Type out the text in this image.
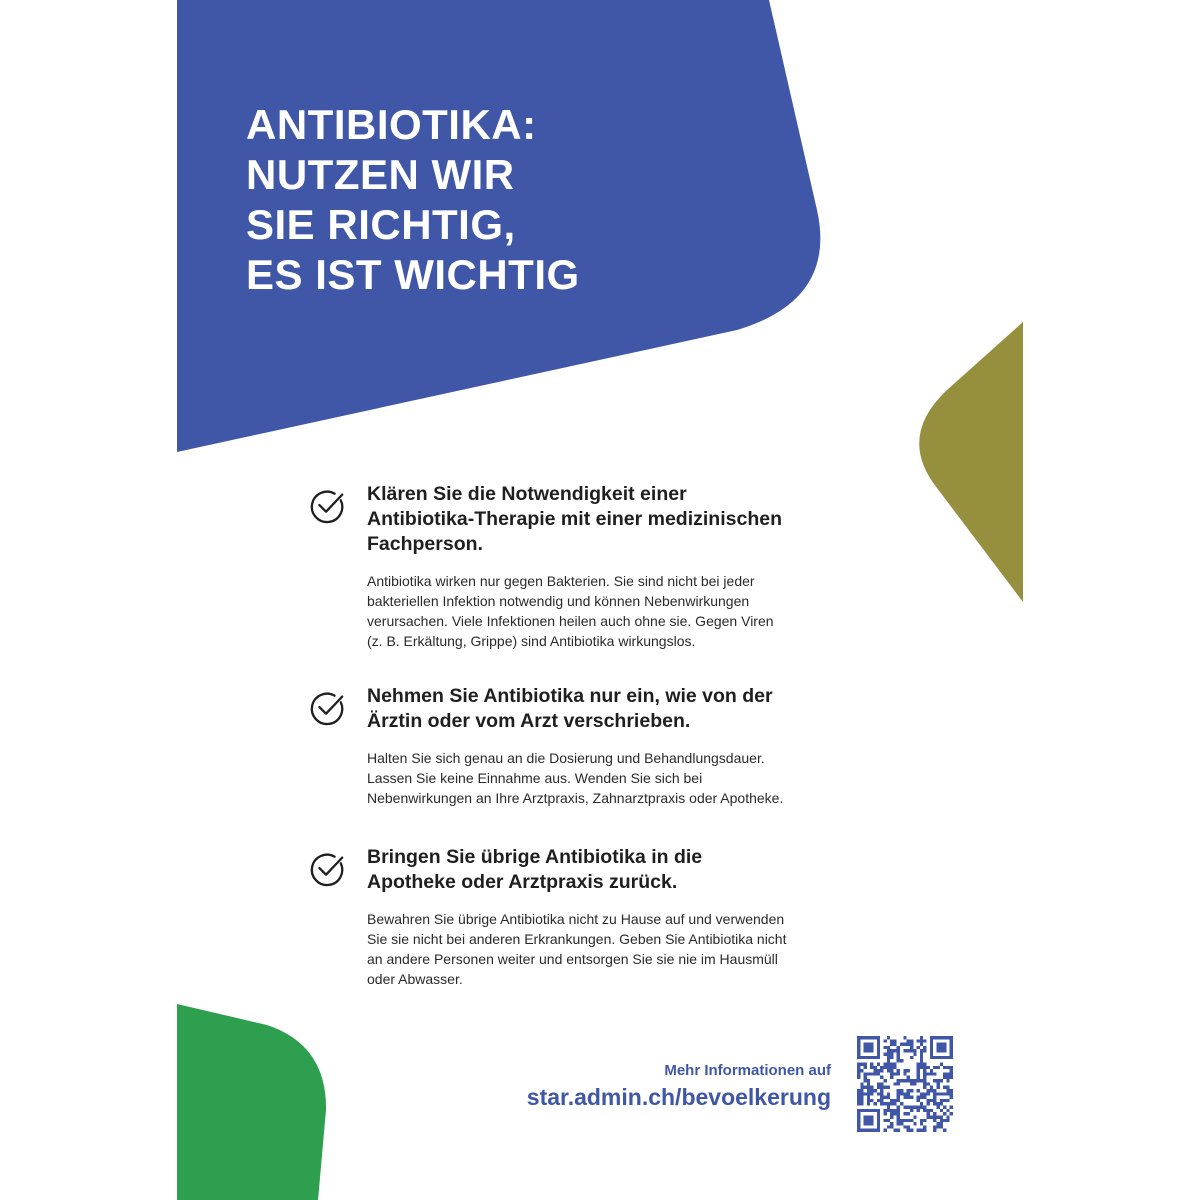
ANTIBIOTIKA:
NUTZEN WIR
SIE RICHTIG,
ES IST WICHTIG
Klären Sie die Notwendigkeit einer Antibiotika-Therapie mit einer medizinischen Fachperson.

Antibiotika wirken nur gegen Bakterien. Sie sind nicht bei jeder bakteriellen Infektion notwendig und können Nebenwirkungen verursachen. Viele Infektionen heilen auch ohne sie. Gegen Viren (z. B. Erkältung, Grippe) sind Antibiotika wirkungslos.

Nehmen Sie Antibiotika nur ein, wie von der Ärztin oder vom Arzt verschrieben.

Halten Sie sich genau an die Dosierung und Behandlungsdauer. Lassen Sie keine Einnahme aus. Wenden Sie sich bei Nebenwirkungen an Ihre Arztpraxis, Zahnarztpraxis oder Apotheke.

Bringen Sie übrige Antibiotika in die Apotheke oder Arztpraxis zurück.

Bewahren Sie übrige Antibiotika nicht zu Hause auf und verwenden Sie sie nicht bei anderen Erkrankungen. Geben Sie Antibiotika nicht an andere Personen weiter und entsorgen Sie sie nie im Hausmüll oder Abwasser.

Mehr Informationen auf
star.admin.ch/bevoelkerung
